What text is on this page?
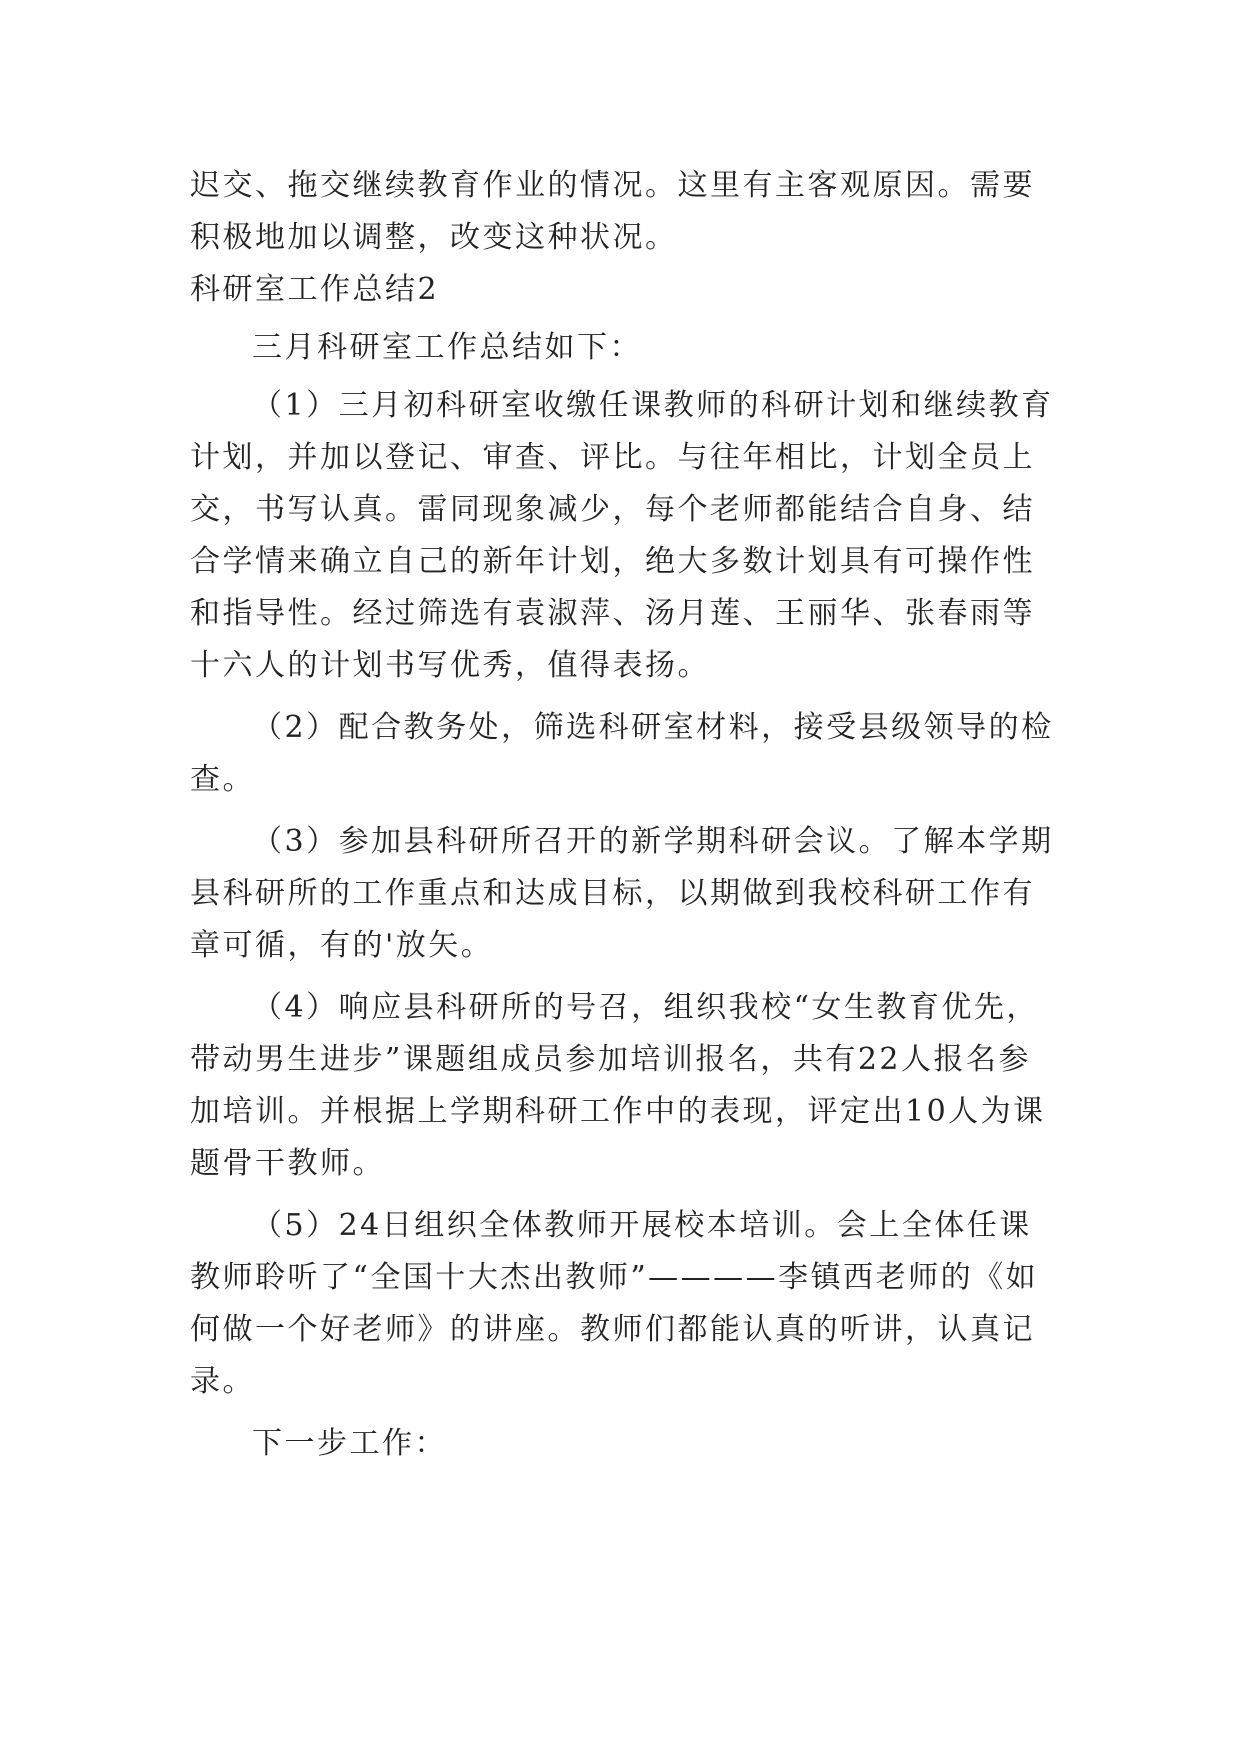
迟交、拖交继续教育作业的情况。这里有主客观原因。需要积极地加以调整，改变这种状况。

科研室工作总结2

三月科研室工作总结如下：

（1）三月初科研室收缴任课教师的科研计划和继续教育计划，并加以登记、审查、评比。与往年相比，计划全员上交，书写认真。雷同现象减少，每个老师都能结合自身、结合学情来确立自己的新年计划，绝大多数计划具有可操作性和指导性。经过筛选有袁淑萍、汤月莲、王丽华、张春雨等十六人的计划书写优秀，值得表扬。

（2）配合教务处，筛选科研室材料，接受县级领导的检查。

（3）参加县科研所召开的新学期科研会议。了解本学期县科研所的工作重点和达成目标，以期做到我校科研工作有章可循，有的'放矢。

（4）响应县科研所的号召，组织我校“女生教育优先，带动男生进步”课题组成员参加培训报名，共有22人报名参加培训。并根据上学期科研工作中的表现，评定出10人为课题骨干教师。

（5）24日组织全体教师开展校本培训。会上全体任课教师聆听了“全国十大杰出教师”————李镇西老师的《如何做一个好老师》的讲座。教师们都能认真的听讲，认真记录。

下一步工作：
